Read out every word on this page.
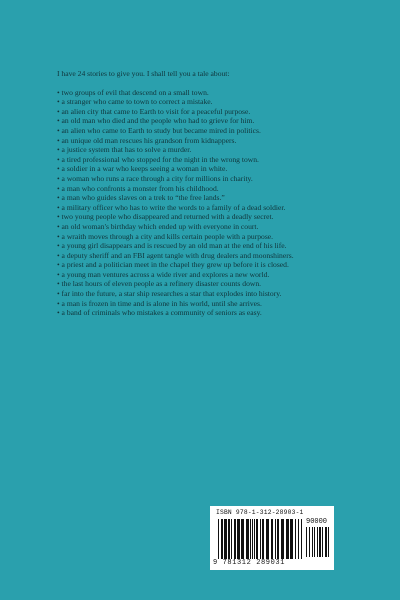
I have 24 stories to give you. I shall tell you a tale about:

• two groups of evil that descend on a small town.
• a stranger who came to town to correct a mistake.
• an alien city that came to Earth to visit for a peaceful purpose.
• an old man who died and the people who had to grieve for him.
• an alien who came to Earth to study but became mired in politics.
• an unique old man rescues his grandson from kidnappers.
• a justice system that has to solve a murder.
• a tired professional who stopped for the night in the wrong town.
• a soldier in a war who keeps seeing a woman in white.
• a woman who runs a race through a city for millions in charity.
• a man who confronts a monster from his childhood.
• a man who guides slaves on a trek to “the free lands.”
• a military officer who has to write the words to a family of a dead soldier.
• two young people who disappeared and returned with a deadly secret.
• an old woman's birthday which ended up with everyone in court.
• a wraith moves through a city and kills certain people with a purpose.
• a young girl disappears and is rescued by an old man at the end of his life.
• a deputy sheriff and an FBI agent tangle with drug dealers and moonshiners.
• a priest and a politician meet in the chapel they grew up before it is closed.
• a young man ventures across a wide river and explores a new world.
• the last hours of eleven people as a refinery disaster counts down.
• far into the future, a star ship researches a star that explodes into history.
• a man is frozen in time and is alone in his world, until she arrives.
• a band of criminals who mistakes a community of seniors as easy.
ISBN 978-1-312-28903-1
90000
9 781312 289031
